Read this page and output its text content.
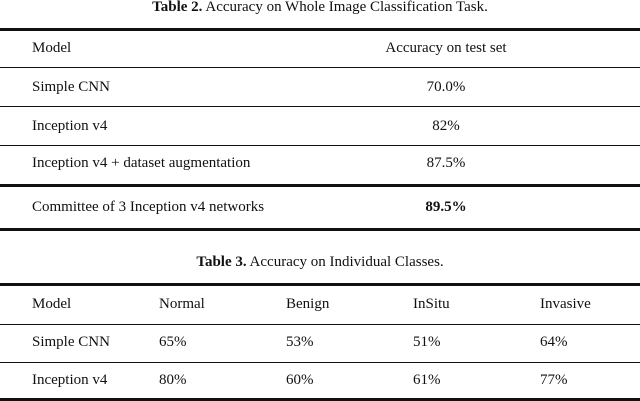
Table 2. Accuracy on Whole Image Classification Task.
Model	Accuracy on test set
Simple CNN	70.0%
Inception v4	82%
Inception v4 + dataset augmentation	87.5%
Committee of 3 Inception v4 networks	89.5%
Table 3. Accuracy on Individual Classes.
Model	Normal	Benign	InSitu	Invasive
Simple CNN	65%	53%	51%	64%
Inception v4	80%	60%	61%	77%
